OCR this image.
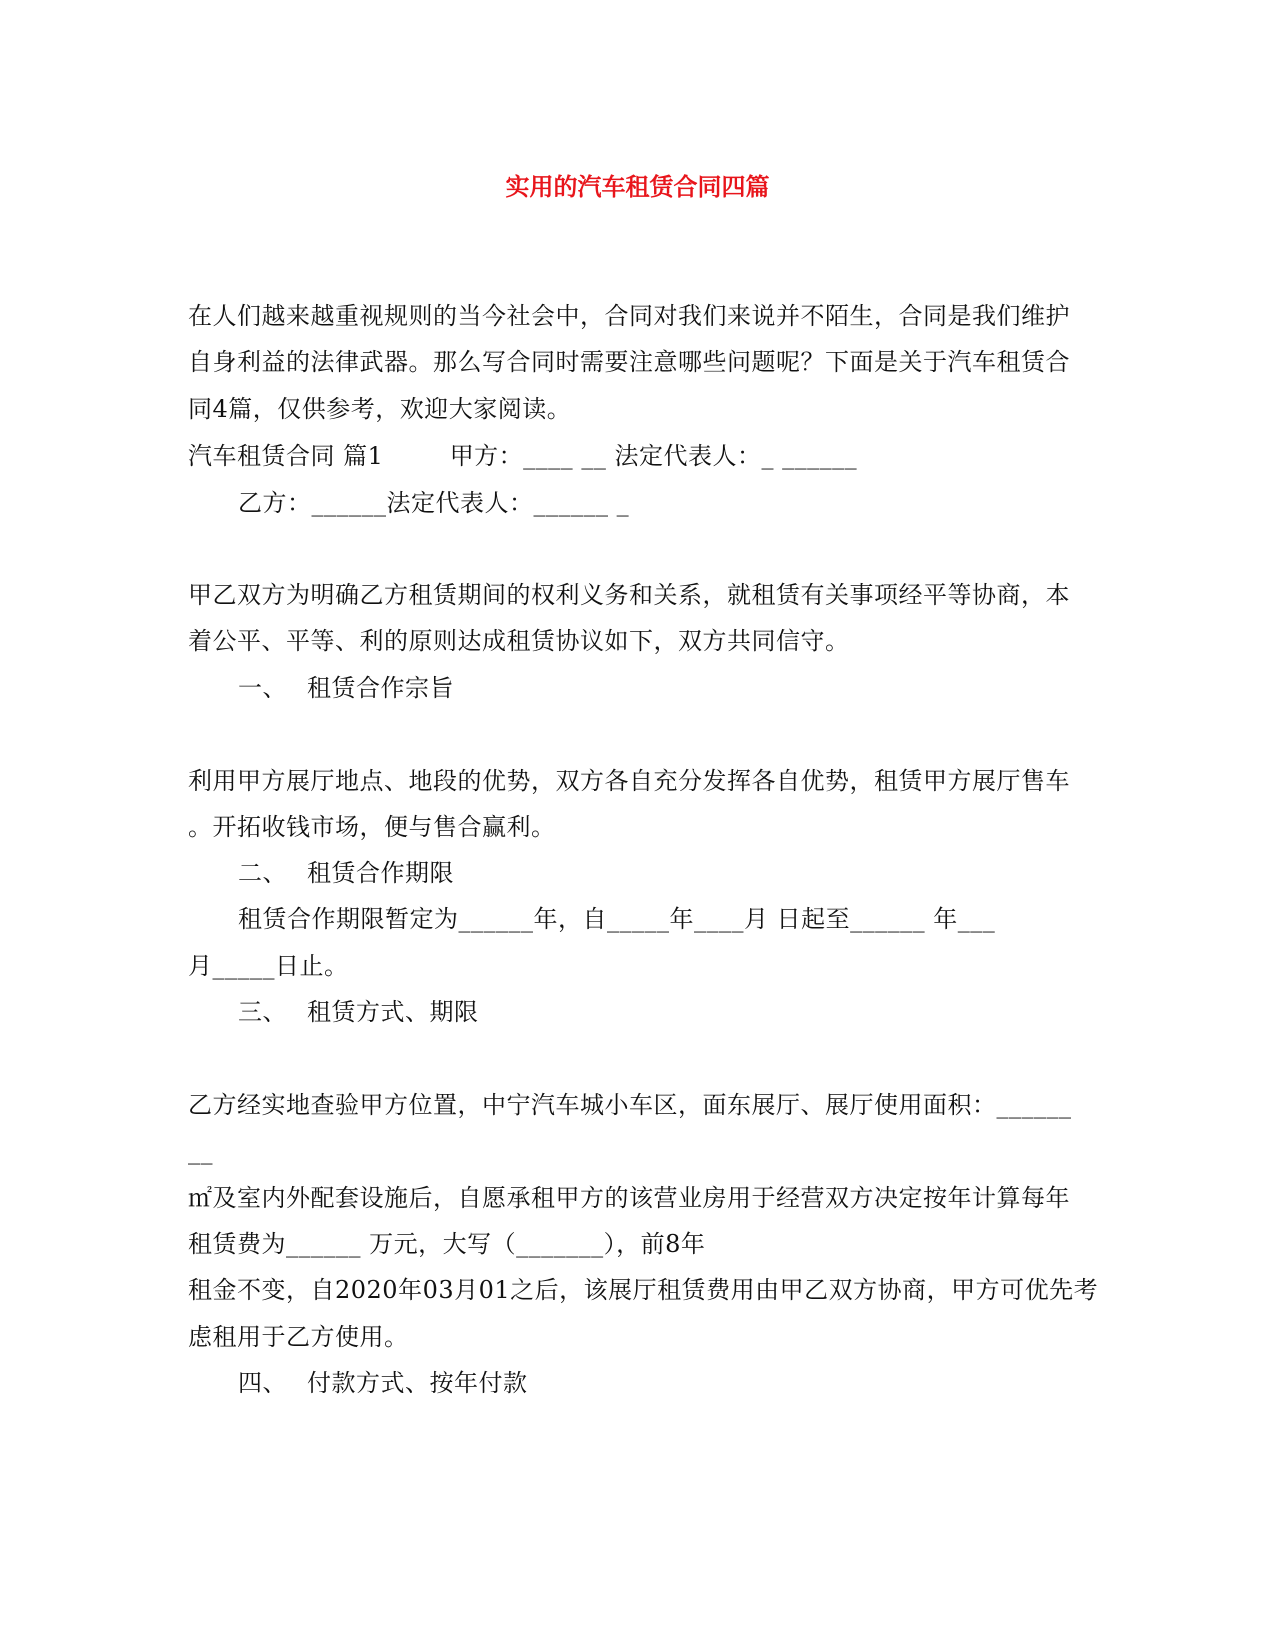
实用的汽车租赁合同四篇
在人们越来越重视规则的当今社会中，合同对我们来说并不陌生，合同是我们维护
自身利益的法律武器。那么写合同时需要注意哪些问题呢？下面是关于汽车租赁合
同4篇，仅供参考，欢迎大家阅读。
汽车租赁合同 篇1	甲方：____ __ 法定代表人：_ ______
乙方：______法定代表人：______ _
甲乙双方为明确乙方租赁期间的权利义务和关系，就租赁有关事项经平等协商，本
着公平、平等、利的原则达成租赁协议如下，双方共同信守。
一、 租赁合作宗旨
利用甲方展厅地点、地段的优势，双方各自充分发挥各自优势，租赁甲方展厅售车
。开拓收钱市场，便与售合赢利。
二、 租赁合作期限
租赁合作期限暂定为______年，自_____年____月 日起至______ 年___
月_____日止。
三、 租赁方式、期限
乙方经实地查验甲方位置，中宁汽车城小车区，面东展厅、展厅使用面积：______
__
㎡及室内外配套设施后，自愿承租甲方的该营业房用于经营双方决定按年计算每年
租赁费为______ 万元，大写（_______），前8年
租金不变，自2020年03月01之后，该展厅租赁费用由甲乙双方协商，甲方可优先考
虑租用于乙方使用。
四、 付款方式、按年付款
